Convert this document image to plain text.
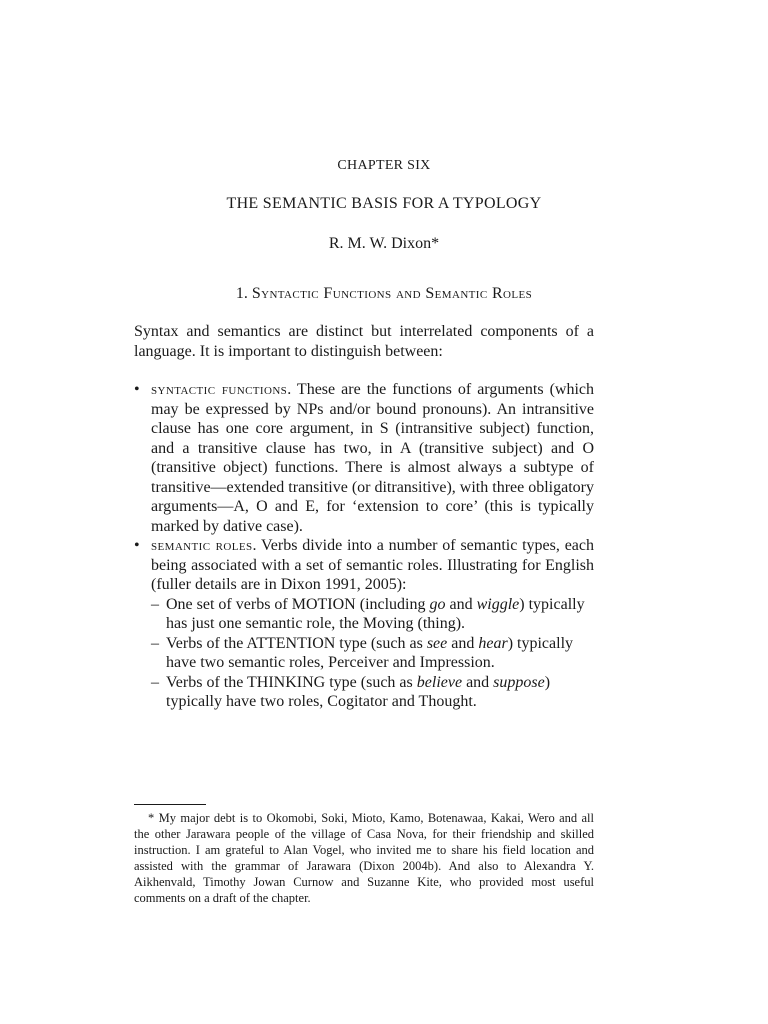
CHAPTER SIX
THE SEMANTIC BASIS FOR A TYPOLOGY
R. M. W. Dixon*
1. Syntactic Functions and Semantic Roles

Syntax and semantics are distinct but interrelated components of a language. It is important to distinguish between:

• syntactic functions. These are the functions of arguments (which may be expressed by NPs and/or bound pronouns). An intransitive clause has one core argument, in S (intransitive subject) function, and a transitive clause has two, in A (transitive subject) and O (transitive object) functions. There is almost always a subtype of transitive—extended transitive (or ditransitive), with three obligatory arguments—A, O and E, for ‘extension to core’ (this is typically marked by dative case).
• semantic roles. Verbs divide into a number of semantic types, each being associated with a set of semantic roles. Illustrating for English (fuller details are in Dixon 1991, 2005):
– One set of verbs of MOTION (including go and wiggle) typically has just one semantic role, the Moving (thing).
– Verbs of the ATTENTION type (such as see and hear) typically have two semantic roles, Perceiver and Impression.
– Verbs of the THINKING type (such as believe and suppose) typically have two roles, Cogitator and Thought.

* My major debt is to Okomobi, Soki, Mioto, Kamo, Botenawaa, Kakai, Wero and all the other Jarawara people of the village of Casa Nova, for their friendship and skilled instruction. I am grateful to Alan Vogel, who invited me to share his field location and assisted with the grammar of Jarawara (Dixon 2004b). And also to Alexandra Y. Aikhenvald, Timothy Jowan Curnow and Suzanne Kite, who provided most useful comments on a draft of the chapter.
